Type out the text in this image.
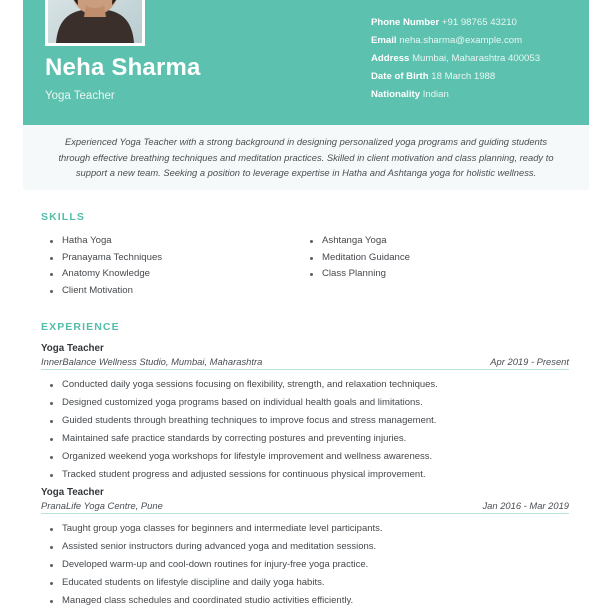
Neha Sharma
Yoga Teacher
Phone Number +91 98765 43210
Email neha.sharma@example.com
Address Mumbai, Maharashtra 400053
Date of Birth 18 March 1988
Nationality Indian

Experienced Yoga Teacher with a strong background in designing personalized yoga programs and guiding students through effective breathing techniques and meditation practices. Skilled in client motivation and class planning, ready to support a new team. Seeking a position to leverage expertise in Hatha and Ashtanga yoga for holistic wellness.

SKILLS
Hatha Yoga
Pranayama Techniques
Anatomy Knowledge
Client Motivation
Ashtanga Yoga
Meditation Guidance
Class Planning
EXPERIENCE
Yoga Teacher
InnerBalance Wellness Studio, Mumbai, Maharashtra	Apr 2019 - Present
Conducted daily yoga sessions focusing on flexibility, strength, and relaxation techniques.
Designed customized yoga programs based on individual health goals and limitations.
Guided students through breathing techniques to improve focus and stress management.
Maintained safe practice standards by correcting postures and preventing injuries.
Organized weekend yoga workshops for lifestyle improvement and wellness awareness.
Tracked student progress and adjusted sessions for continuous physical improvement.
Yoga Teacher
PranaLife Yoga Centre, Pune	Jan 2016 - Mar 2019
Taught group yoga classes for beginners and intermediate level participants.
Assisted senior instructors during advanced yoga and meditation sessions.
Developed warm-up and cool-down routines for injury-free yoga practice.
Educated students on lifestyle discipline and daily yoga habits.
Managed class schedules and coordinated studio activities efficiently.
